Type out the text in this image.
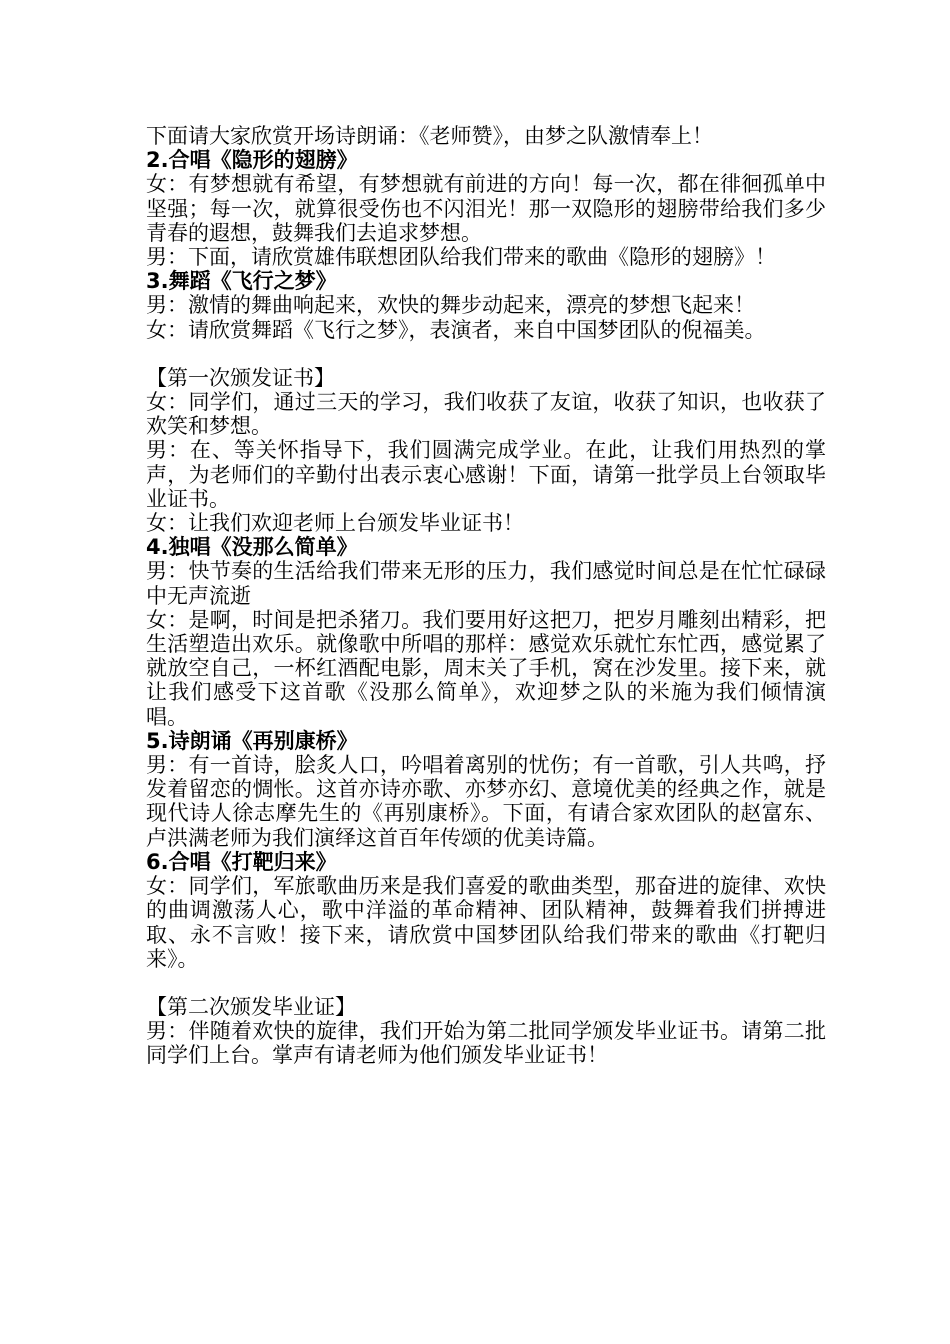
下面请大家欣赏开场诗朗诵：《老师赞》，由梦之队激情奉上！
2.合唱《隐形的翅膀》
女：有梦想就有希望，有梦想就有前进的方向！每一次，都在徘徊孤单中坚强；每一次，就算很受伤也不闪泪光！那一双隐形的翅膀带给我们多少青春的遐想，鼓舞我们去追求梦想。
男：下面，请欣赏雄伟联想团队给我们带来的歌曲《隐形的翅膀》！
3.舞蹈《飞行之梦》
男：激情的舞曲响起来，欢快的舞步动起来，漂亮的梦想飞起来！
女：请欣赏舞蹈《飞行之梦》，表演者，来自中国梦团队的倪福美。
【第一次颁发证书】
女：同学们，通过三天的学习，我们收获了友谊，收获了知识，也收获了欢笑和梦想。
男：在、等关怀指导下，我们圆满完成学业。在此，让我们用热烈的掌声，为老师们的辛勤付出表示衷心感谢！下面，请第一批学员上台领取毕业证书。
女：让我们欢迎老师上台颁发毕业证书！
4.独唱《没那么简单》
男：快节奏的生活给我们带来无形的压力，我们感觉时间总是在忙忙碌碌中无声流逝
女：是啊，时间是把杀猪刀。我们要用好这把刀，把岁月雕刻出精彩，把生活塑造出欢乐。就像歌中所唱的那样：感觉欢乐就忙东忙西，感觉累了就放空自己，一杯红酒配电影，周末关了手机，窝在沙发里。接下来，就让我们感受下这首歌《没那么简单》，欢迎梦之队的米施为我们倾情演唱。
5.诗朗诵《再别康桥》
男：有一首诗，脍炙人口，吟唱着离别的忧伤；有一首歌，引人共鸣，抒发着留恋的惆怅。这首亦诗亦歌、亦梦亦幻、意境优美的经典之作，就是现代诗人徐志摩先生的《再别康桥》。下面，有请合家欢团队的赵富东、卢洪满老师为我们演绎这首百年传颂的优美诗篇。
6.合唱《打靶归来》
女：同学们，军旅歌曲历来是我们喜爱的歌曲类型，那奋进的旋律、欢快的曲调激荡人心，歌中洋溢的革命精神、团队精神，鼓舞着我们拼搏进取、永不言败！接下来，请欣赏中国梦团队给我们带来的歌曲《打靶归来》。
【第二次颁发毕业证】
男：伴随着欢快的旋律，我们开始为第二批同学颁发毕业证书。请第二批同学们上台。掌声有请老师为他们颁发毕业证书！
